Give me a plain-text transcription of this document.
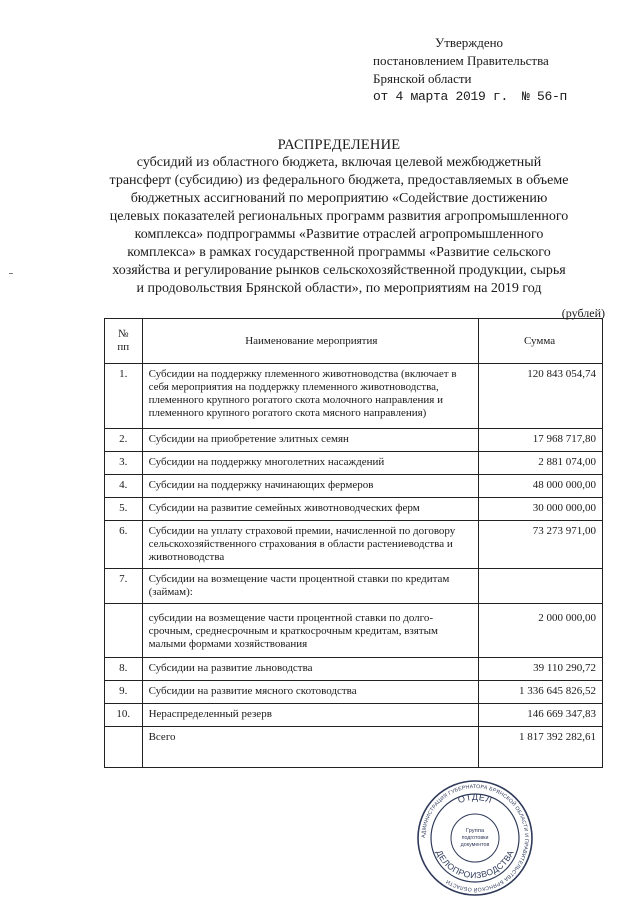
Утверждено
постановлением Правительства
Брянской области
от 4 марта 2019 г. № 56-п
РАСПРЕДЕЛЕНИЕ
субсидий из областного бюджета, включая целевой межбюджетный
трансферт (субсидию) из федерального бюджета, предоставляемых в объеме
бюджетных ассигнований по мероприятию «Содействие достижению
целевых показателей региональных программ развития агропромышленного
комплекса» подпрограммы «Развитие отраслей агропромышленного
комплекса» в рамках государственной программы «Развитие сельского
хозяйства и регулирование рынков сельскохозяйственной продукции, сырья
и продовольствия Брянской области», по мероприятиям на 2019 год
(рублей)
№
пп	Наименование мероприятия	Сумма
1.	Субсидии на поддержку племенного животноводства (включает в себя мероприятия на поддержку племенного животноводства, племенного крупного рогатого скота молочного направления и племенного крупного рогатого скота мясного направления)	120 843 054,74
2.	Субсидии на приобретение элитных семян	17 968 717,80
3.	Субсидии на поддержку многолетних насаждений	2 881 074,00
4.	Субсидии на поддержку начинающих фермеров	48 000 000,00
5.	Субсидии на развитие семейных животноводческих ферм	30 000 000,00
6.	Субсидии на уплату страховой премии, начисленной по договору сельскохозяйственного страхования в области растениеводства и животноводства	73 273 971,00
7.	Субсидии на возмещение части процентной ставки по кредитам (займам):	
	субсидии на возмещение части процентной ставки по долго-срочным, среднесрочным и краткосрочным кредитам, взятым малыми формами хозяйствования	2 000 000,00
8.	Субсидии на развитие льноводства	39 110 290,72
9.	Субсидии на развитие мясного скотоводства	1 336 645 826,52
10.	Нераспределенный резерв	146 669 347,83
	Всего	1 817 392 282,61
АДМИНИСТРАЦИЯ ГУБЕРНАТОРА БРЯНСКОЙ ОБЛАСТИ И ПРАВИТЕЛЬСТВА БРЯНСКОЙ ОБЛАСТИ
ОТДЕЛ
ДЕЛОПРОИЗВОДСТВА
Группа
подготовки
документов
